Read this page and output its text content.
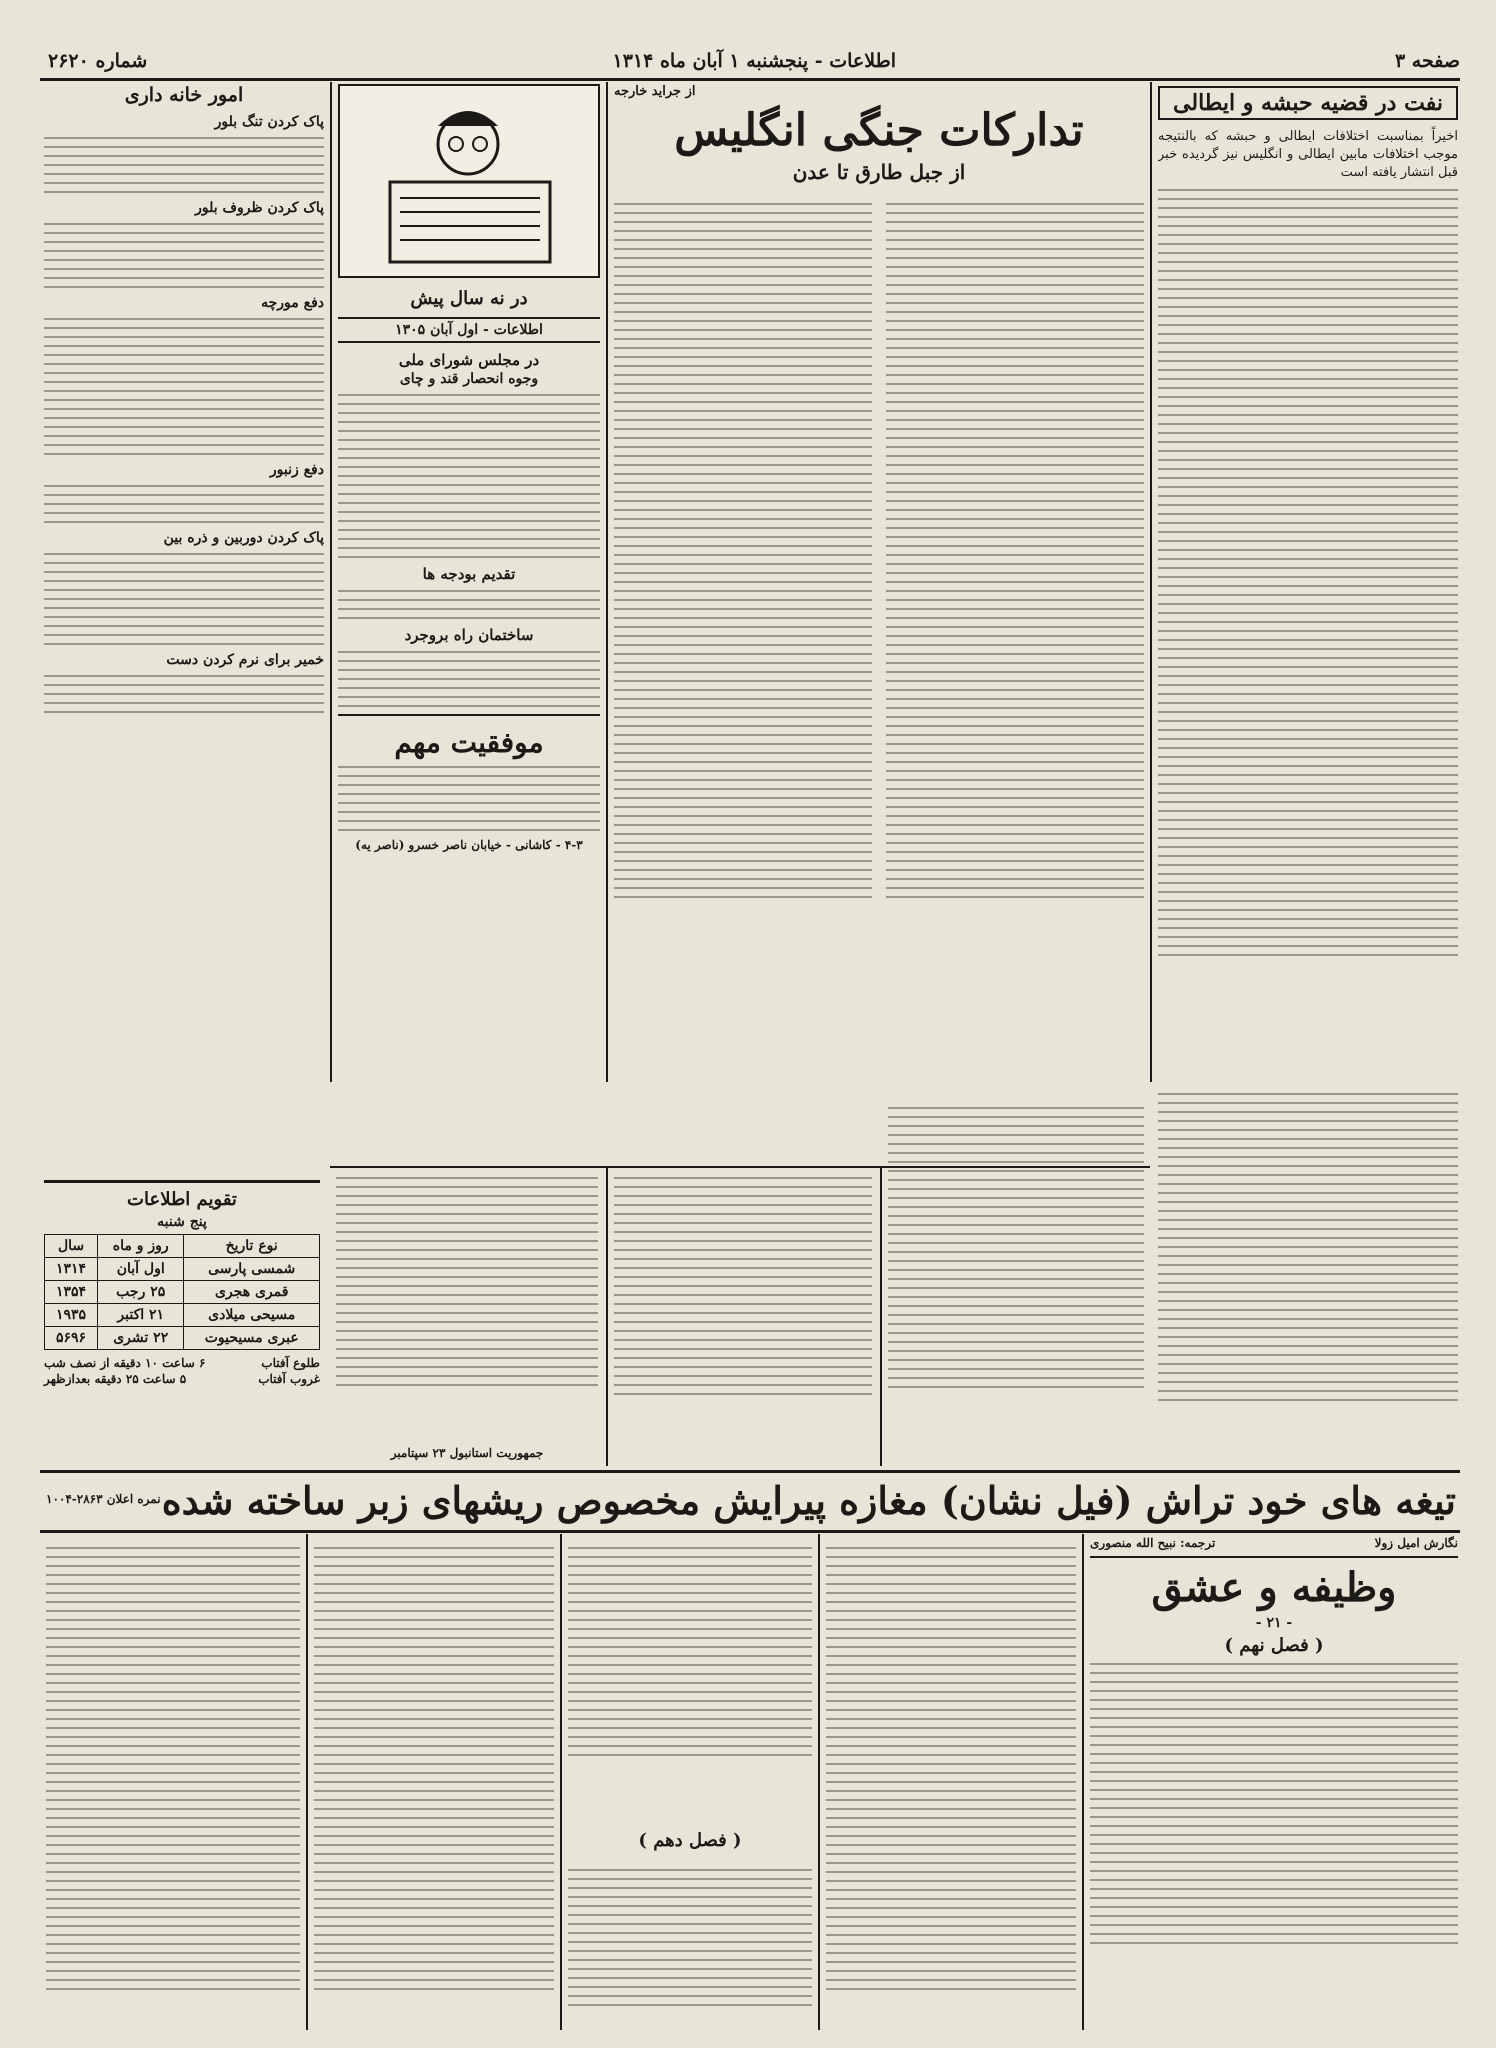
صفحه ۳
اطلاعات - پنجشنبه ۱ آبان ماه ۱۳۱۴
شماره ۲۶۲۰
نفت در قضیه حبشه و ایطالی
اخیراً بمناسبت اختلافات ایطالی و حبشه که بالنتیجه موجب اختلافات مابین ایطالی و انگلیس نیز گردیده خبر قبل انتشار یافته است
از جراید خارجه
تدارکات جنگی انگلیس
از جبل طارق تا عدن
در نه سال پیش
اطلاعات - اول آبان ۱۳۰۵
در مجلس شورای ملی
وجوه انحصار قند و چای
تقدیم بودجه ها
ساختمان راه بروجرد
موفقیت مهم
۴-۳ - کاشانی - خیابان ناصر خسرو (ناصر یه)
امور خانه داری
پاک کردن تنگ بلور
پاک کردن ظروف بلور
دفع مورچه
دفع زنبور
پاک کردن دوربین و ذره بین
خمیر برای نرم کردن دست
تقویم اطلاعات
پنج شنبه
نوع تاریخ	روز و ماه	سال
شمسی پارسی	اول آبان	۱۳۱۴
قمری هجری	۲۵ رجب	۱۳۵۴
مسیحی میلادی	۲۱ اکتبر	۱۹۳۵
عبری مسیحیوت	۲۲ تشری	۵۶۹۶
طلوع آفتاب
۶ ساعت ۱۰ دقیقه از نصف شب
غروب آفتاب
۵ ساعت ۲۵ دقیقه بعدازظهر
جمهوریت استانبول ۲۳ سپتامبر
تیغه های خود تراش (فیل نشان) مغازه پیرایش مخصوص ریشهای زبر ساخته شده
نمره اعلان ۲۸۶۳-۱۰۰۴
نگارش امیل زولا
ترجمه: نبیح الله منصوری
وظیفه و عشق
- ۲۱ -
( فصل نهم )
( فصل دهم )
